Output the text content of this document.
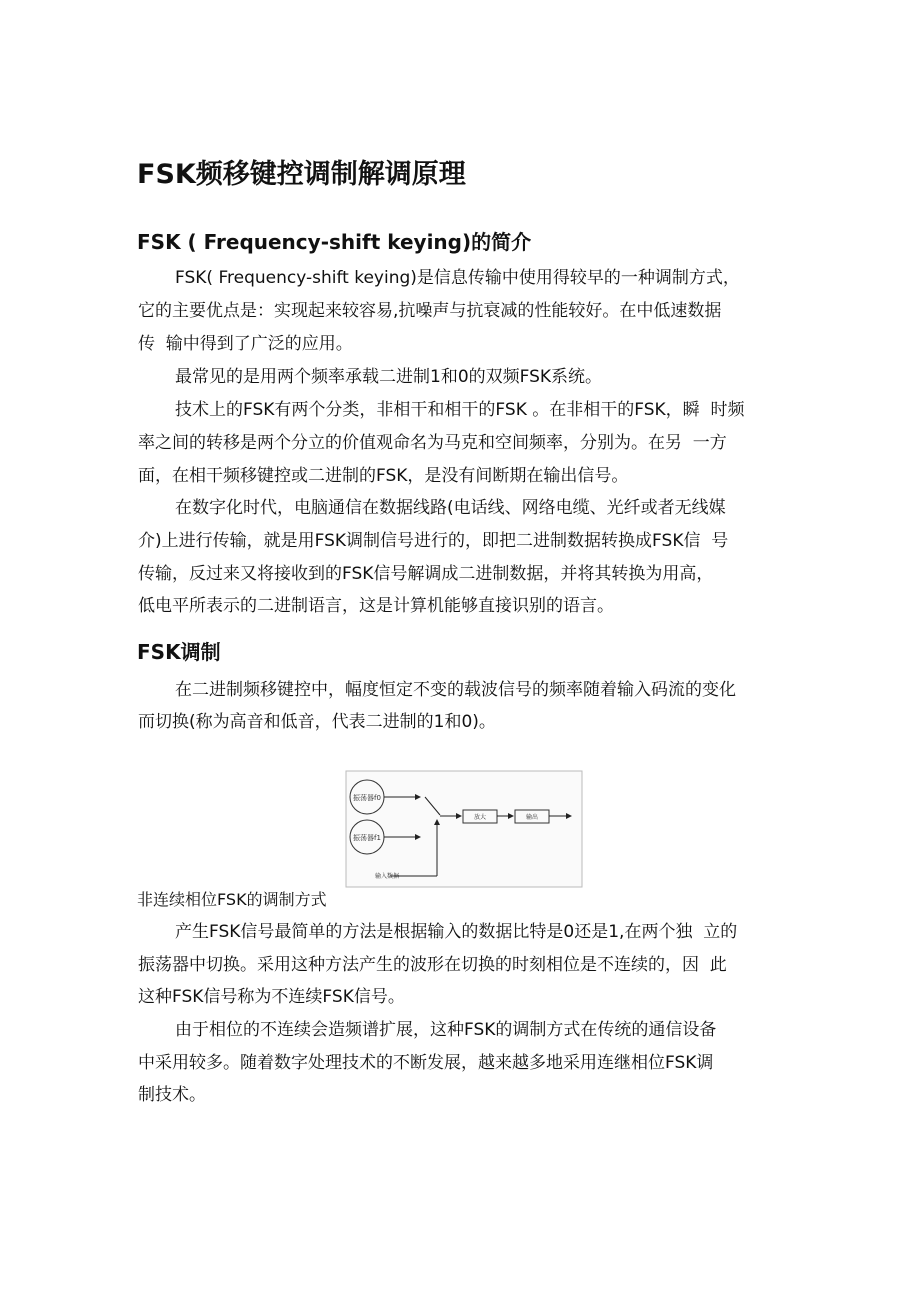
FSK频移键控调制解调原理
FSK ( Frequency-shift keying)的简介
FSK( Frequency-shift keying)是信息传输中使用得较早的一种调制方式，
它的主要优点是：实现起来较容易,抗噪声与抗衰减的性能较好。在中低速数据
传  输中得到了广泛的应用。
最常见的是用两个频率承载二进制1和0的双频FSK系统。
技术上的FSK有两个分类，非相干和相干的FSK 。在非相干的FSK，瞬  时频
率之间的转移是两个分立的价值观命名为马克和空间频率，分别为。在另  一方
面，在相干频移键控或二进制的FSK，是没有间断期在输出信号。
在数字化时代，电脑通信在数据线路(电话线、网络电缆、光纤或者无线媒
介)上进行传输，就是用FSK调制信号进行的，即把二进制数据转换成FSK信  号
传输，反过来又将接收到的FSK信号解调成二进制数据，并将其转换为用高，
低电平所表示的二进制语言，这是计算机能够直接识别的语言。
FSK调制
在二进制频移键控中，幅度恒定不变的载波信号的频率随着输入码流的变化
而切换(称为高音和低音，代表二进制的1和0)。
振荡器f0
振荡器f1
输入数据
放大	输出
非连续相位FSK的调制方式
产生FSK信号最简单的方法是根据输入的数据比特是0还是1,在两个独  立的
振荡器中切换。采用这种方法产生的波形在切换的时刻相位是不连续的，因  此
这种FSK信号称为不连续FSK信号。
由于相位的不连续会造频谱扩展，这种FSK的调制方式在传统的通信设备
中采用较多。随着数字处理技术的不断发展，越来越多地采用连继相位FSK调
制技术。
